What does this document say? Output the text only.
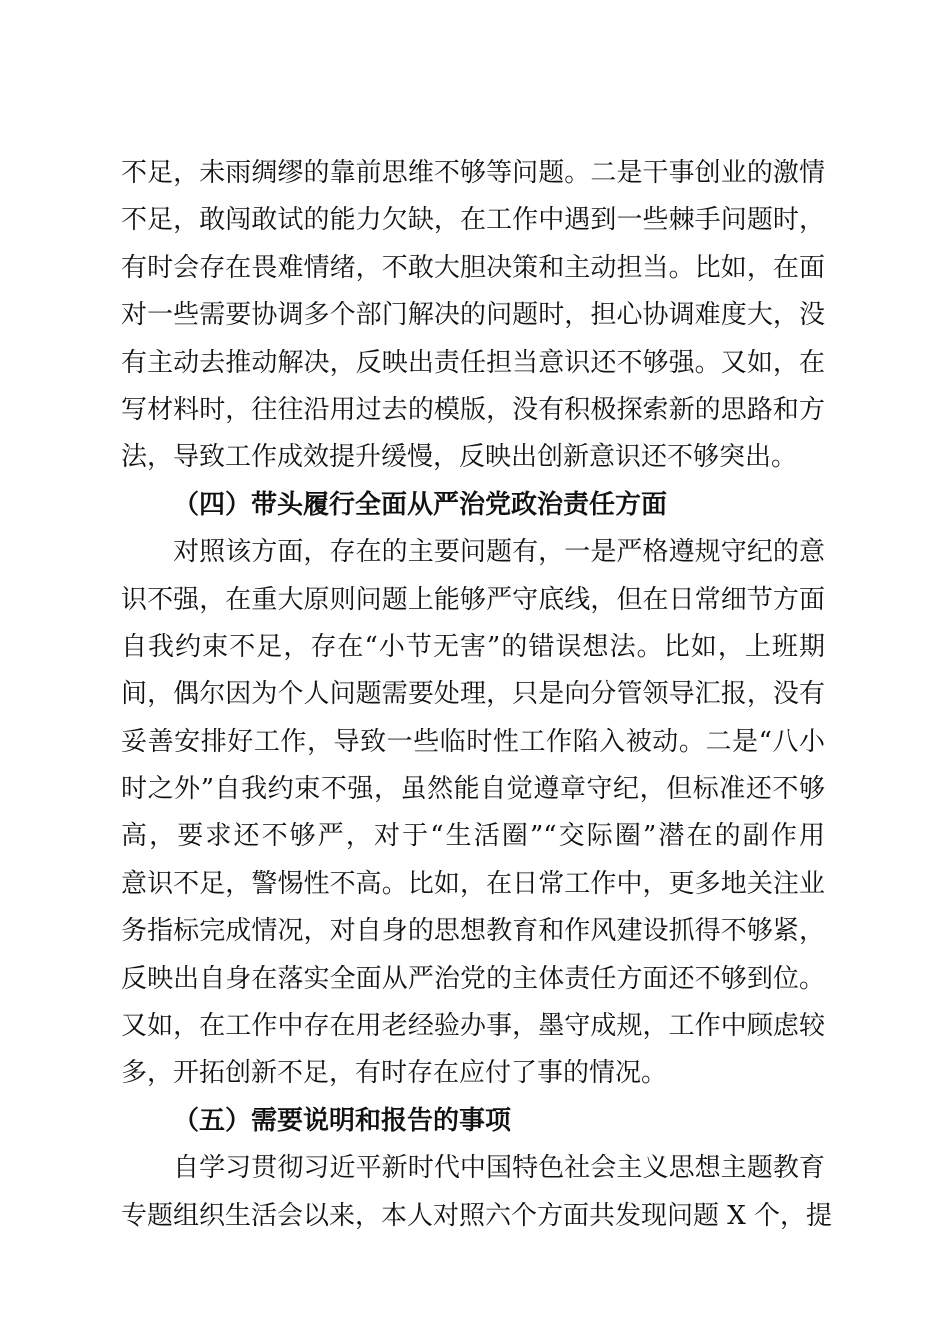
不足，未雨绸缪的靠前思维不够等问题。二是干事创业的激情
不足，敢闯敢试的能力欠缺，在工作中遇到一些棘手问题时，
有时会存在畏难情绪，不敢大胆决策和主动担当。比如，在面
对一些需要协调多个部门解决的问题时，担心协调难度大，没
有主动去推动解决，反映出责任担当意识还不够强。又如，在
写材料时，往往沿用过去的模版，没有积极探索新的思路和方
法，导致工作成效提升缓慢，反映出创新意识还不够突出。
（四）带头履行全面从严治党政治责任方面
对照该方面，存在的主要问题有，一是严格遵规守纪的意
识不强，在重大原则问题上能够严守底线，但在日常细节方面
自我约束不足，存在“小节无害”的错误想法。比如，上班期
间，偶尔因为个人问题需要处理，只是向分管领导汇报，没有
妥善安排好工作，导致一些临时性工作陷入被动。二是“八小
时之外”自我约束不强，虽然能自觉遵章守纪，但标准还不够
高，要求还不够严，对于“生活圈”“交际圈”潜在的副作用
意识不足，警惕性不高。比如，在日常工作中，更多地关注业
务指标完成情况，对自身的思想教育和作风建设抓得不够紧，
反映出自身在落实全面从严治党的主体责任方面还不够到位。
又如，在工作中存在用老经验办事，墨守成规，工作中顾虑较
多，开拓创新不足，有时存在应付了事的情况。
（五）需要说明和报告的事项
自学习贯彻习近平新时代中国特色社会主义思想主题教育
专题组织生活会以来，本人对照六个方面共发现问题 X 个，提
